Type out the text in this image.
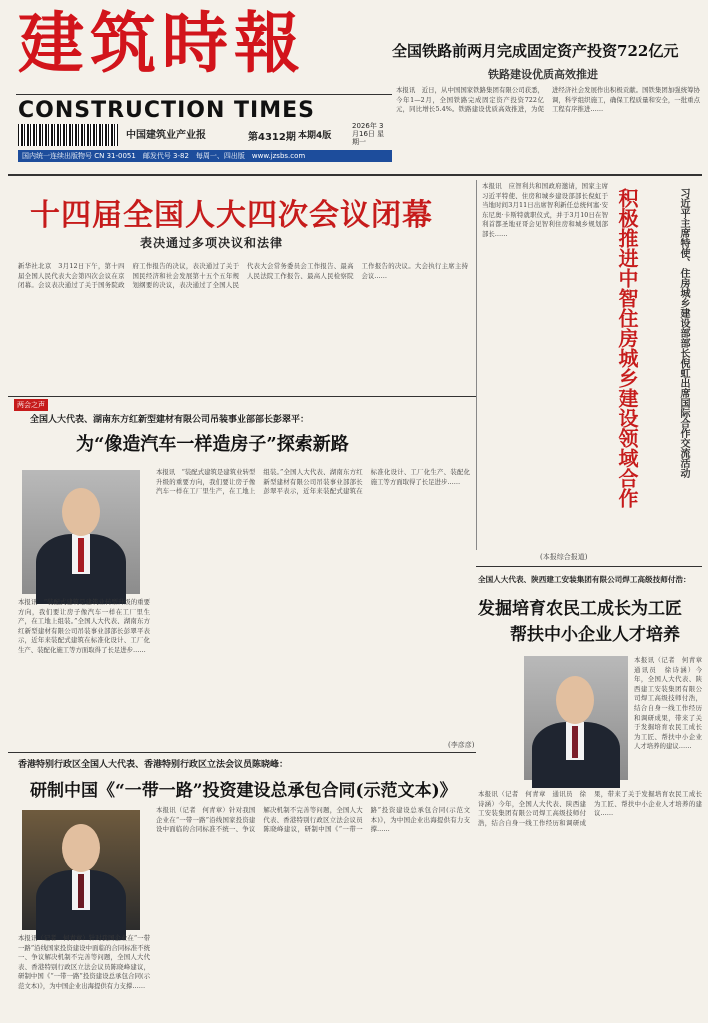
建筑時報
CONSTRUCTION TIMES
中国建筑业产业报	第4312期 本期4版
2026年 3月16日 星期一
国内统一连续出版物号 CN 31-0051　邮发代号 3-82　每周一、四出版　www.jzsbs.com
全国铁路前两月完成固定资产投资722亿元
铁路建设优质高效推进
本报讯　近日，从中国国家铁路集团有限公司获悉，今年1—2月，全国铁路完成固定资产投资722亿元，同比增长5.4%。铁路建设优质高效推进，为促进经济社会发展作出积极贡献。国铁集团加强统筹协调，科学组织施工，确保工程质量和安全，一批重点工程有序推进……
十四届全国人大四次会议闭幕
表决通过多项决议和法律
新华社北京　3月12日下午，第十四届全国人民代表大会第四次会议在京闭幕。会议表决通过了关于国务院政府工作报告的决议，表决通过了关于国民经济和社会发展第十五个五年规划纲要的决议，表决通过了全国人民代表大会常务委员会工作报告、最高人民法院工作报告、最高人民检察院工作报告的决议。大会执行主席主持会议……
本报讯　应智利共和国政府邀请，国家主席习近平特使、住房和城乡建设部部长倪虹于当地时间3月11日出席智利新任总统何塞·安东尼奥·卡斯特就职仪式，并于3月10日在智利首都圣地亚哥会见智利住房和城乡规划部部长……	积极推进中智住房城乡建设领域合作	习近平主席特使、住房城乡建设部部长倪虹出席国际合作交流活动
(本报综合报道)
两会之声
全国人大代表、湖南东方红新型建材有限公司吊装事业部部长彭翠平：
为“像造汽车一样造房子”探索新路
本报讯　“装配式建筑是建筑业转型升级的重要方向，我们要让房子像汽车一样在工厂里生产，在工地上组装。”全国人大代表、湖南东方红新型建材有限公司吊装事业部部长彭翠平表示，近年来装配式建筑在标准化设计、工厂化生产、装配化施工等方面取得了长足进步……
本报讯　“装配式建筑是建筑业转型升级的重要方向，我们要让房子像汽车一样在工厂里生产，在工地上组装。”全国人大代表、湖南东方红新型建材有限公司吊装事业部部长彭翠平表示，近年来装配式建筑在标准化设计、工厂化生产、装配化施工等方面取得了长足进步……
(李彦彦)
全国人大代表、陕西建工安装集团有限公司焊工高级技师付浩：
发掘培育农民工成长为工匠
帮扶中小企业人才培养
本报讯（记者　何青章　通讯员　徐诗涵）今年，全国人大代表、陕西建工安装集团有限公司焊工高级技师付浩，结合自身一线工作经历和调研成果，带来了关于发掘培育农民工成长为工匠、帮扶中小企业人才培养的建议……
本报讯（记者　何青章　通讯员　徐诗涵）今年，全国人大代表、陕西建工安装集团有限公司焊工高级技师付浩，结合自身一线工作经历和调研成果，带来了关于发掘培育农民工成长为工匠、帮扶中小企业人才培养的建议……
香港特别行政区全国人大代表、香港特别行政区立法会议员陈晓峰：
研制中国《“一带一路”投资建设总承包合同(示范文本)》
本报讯（记者　何青章）针对我国企业在“一带一路”沿线国家投资建设中面临的合同标准不统一、争议解决机制不完善等问题，全国人大代表、香港特别行政区立法会议员陈晓峰建议，研制中国《“一带一路”投资建设总承包合同(示范文本)》，为中国企业出海提供有力支撑……
本报讯（记者　何青章）针对我国企业在“一带一路”沿线国家投资建设中面临的合同标准不统一、争议解决机制不完善等问题，全国人大代表、香港特别行政区立法会议员陈晓峰建议，研制中国《“一带一路”投资建设总承包合同(示范文本)》，为中国企业出海提供有力支撑……
